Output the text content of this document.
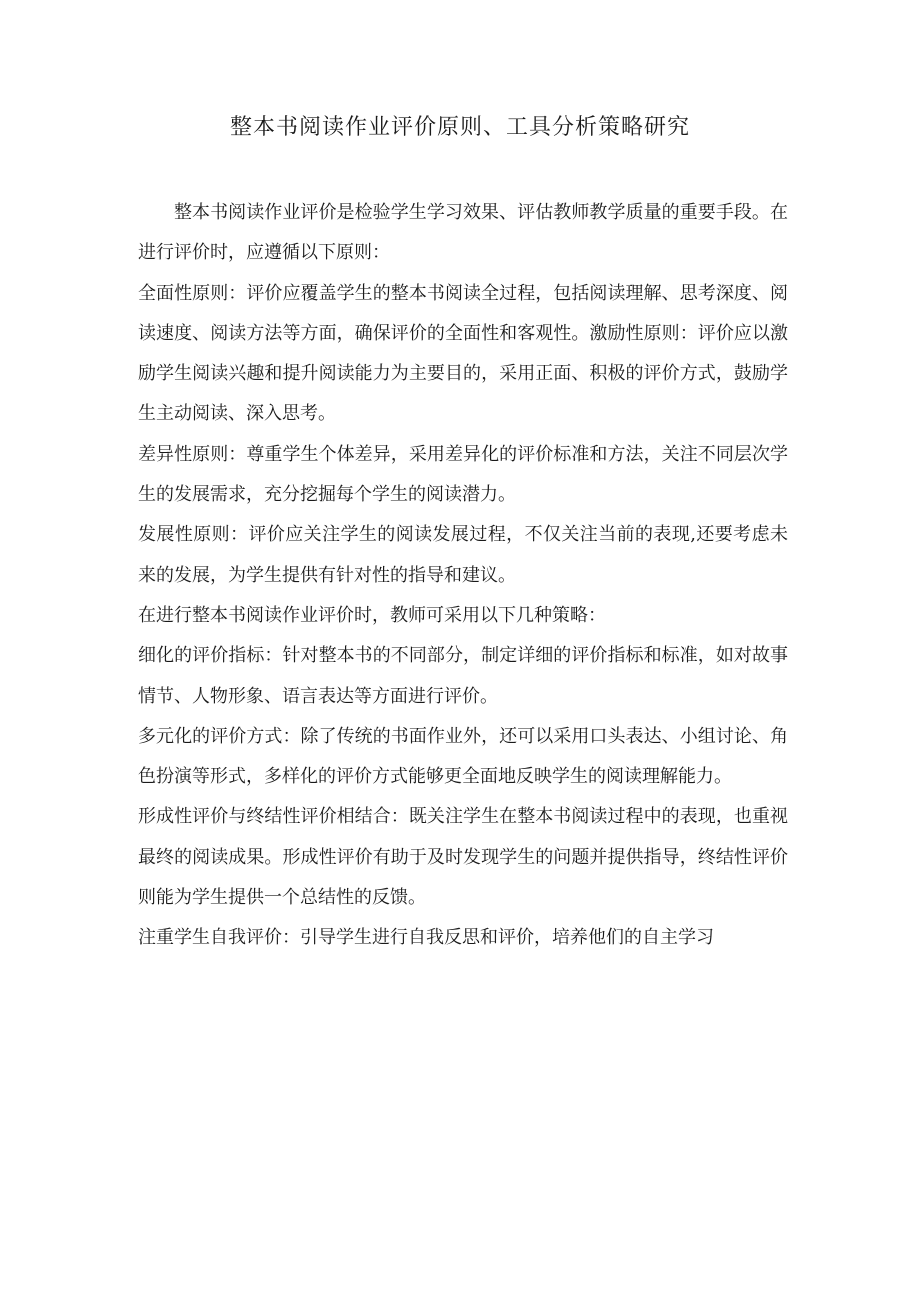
整本书阅读作业评价原则、工具分析策略研究

整本书阅读作业评价是检验学生学习效果、评估教师教学质量的重要手段。在进行评价时，应遵循以下原则：

全面性原则：评价应覆盖学生的整本书阅读全过程，包括阅读理解、思考深度、阅读速度、阅读方法等方面，确保评价的全面性和客观性。激励性原则：评价应以激励学生阅读兴趣和提升阅读能力为主要目的，采用正面、积极的评价方式，鼓励学生主动阅读、深入思考。

差异性原则：尊重学生个体差异，采用差异化的评价标准和方法，关注不同层次学生的发展需求，充分挖掘每个学生的阅读潜力。

发展性原则：评价应关注学生的阅读发展过程，不仅关注当前的表现,还要考虑未来的发展，为学生提供有针对性的指导和建议。

在进行整本书阅读作业评价时，教师可采用以下几种策略：

细化的评价指标：针对整本书的不同部分，制定详细的评价指标和标准，如对故事情节、人物形象、语言表达等方面进行评价。

多元化的评价方式：除了传统的书面作业外，还可以采用口头表达、小组讨论、角色扮演等形式，多样化的评价方式能够更全面地反映学生的阅读理解能力。

形成性评价与终结性评价相结合：既关注学生在整本书阅读过程中的表现，也重视最终的阅读成果。形成性评价有助于及时发现学生的问题并提供指导，终结性评价则能为学生提供一个总结性的反馈。

注重学生自我评价：引导学生进行自我反思和评价，培养他们的自主学习
